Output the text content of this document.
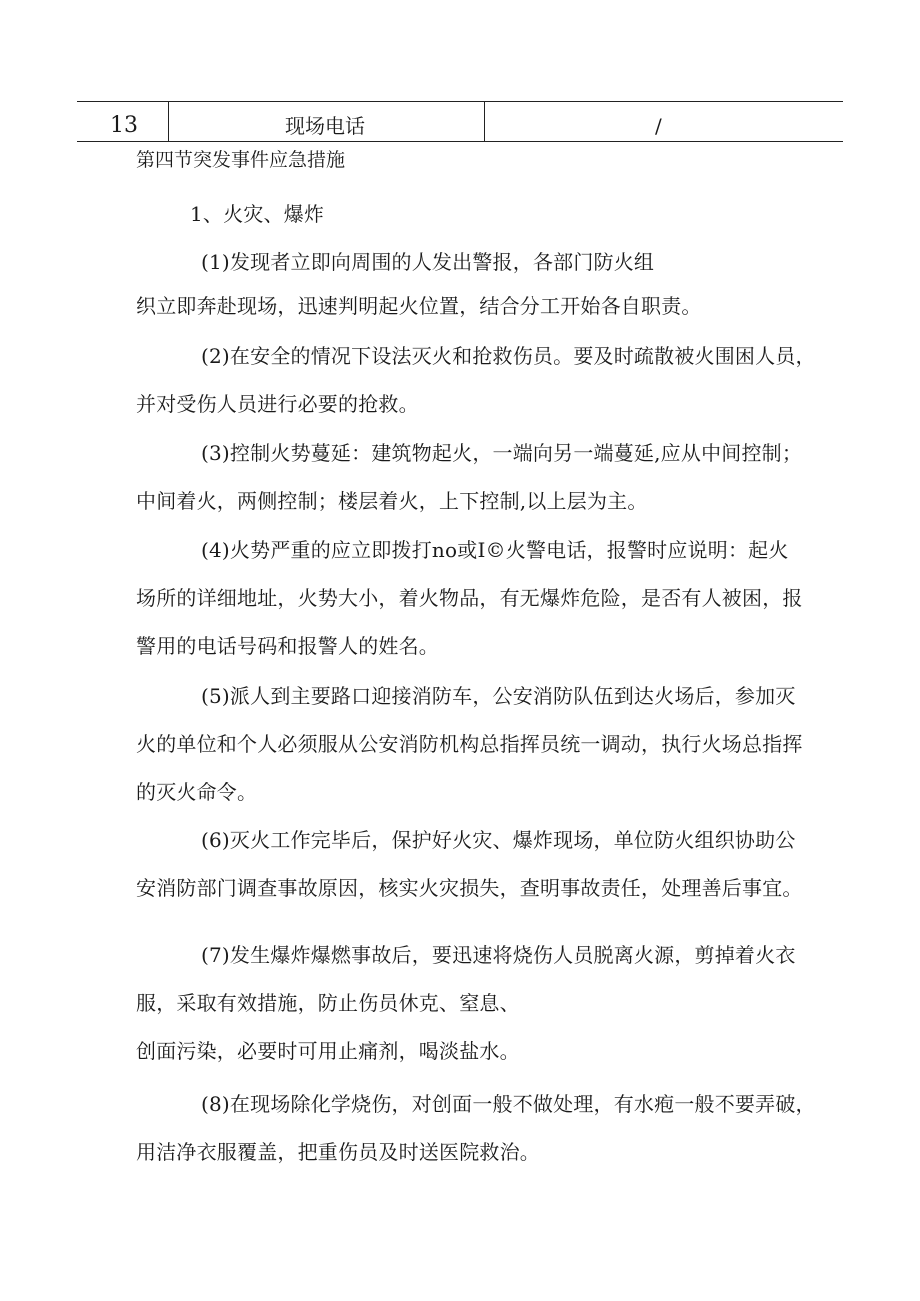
13	现场电话	/
第四节突发事件应急措施
1、火灾、爆炸
(1)发现者立即向周围的人发出警报，各部门防火组
织立即奔赴现场，迅速判明起火位置，结合分工开始各自职责。
(2)在安全的情况下设法灭火和抢救伤员。要及时疏散被火围困人员，
并对受伤人员进行必要的抢救。
(3)控制火势蔓延：建筑物起火，一端向另一端蔓延,应从中间控制；
中间着火，两侧控制；楼层着火，上下控制,以上层为主。
(4)火势严重的应立即拨打no或I©火警电话，报警时应说明：起火
场所的详细地址，火势大小，着火物品，有无爆炸危险，是否有人被困，报
警用的电话号码和报警人的姓名。
(5)派人到主要路口迎接消防车，公安消防队伍到达火场后，参加灭
火的单位和个人必须服从公安消防机构总指挥员统一调动，执行火场总指挥
的灭火命令。
(6)灭火工作完毕后，保护好火灾、爆炸现场，单位防火组织协助公
安消防部门调查事故原因，核实火灾损失，查明事故责任，处理善后事宜。
(7)发生爆炸爆燃事故后，要迅速将烧伤人员脱离火源，剪掉着火衣
服，采取有效措施，防止伤员休克、窒息、
创面污染，必要时可用止痛剂，喝淡盐水。
(8)在现场除化学烧伤，对创面一般不做处理，有水疱一般不要弄破，
用洁净衣服覆盖，把重伤员及时送医院救治。
